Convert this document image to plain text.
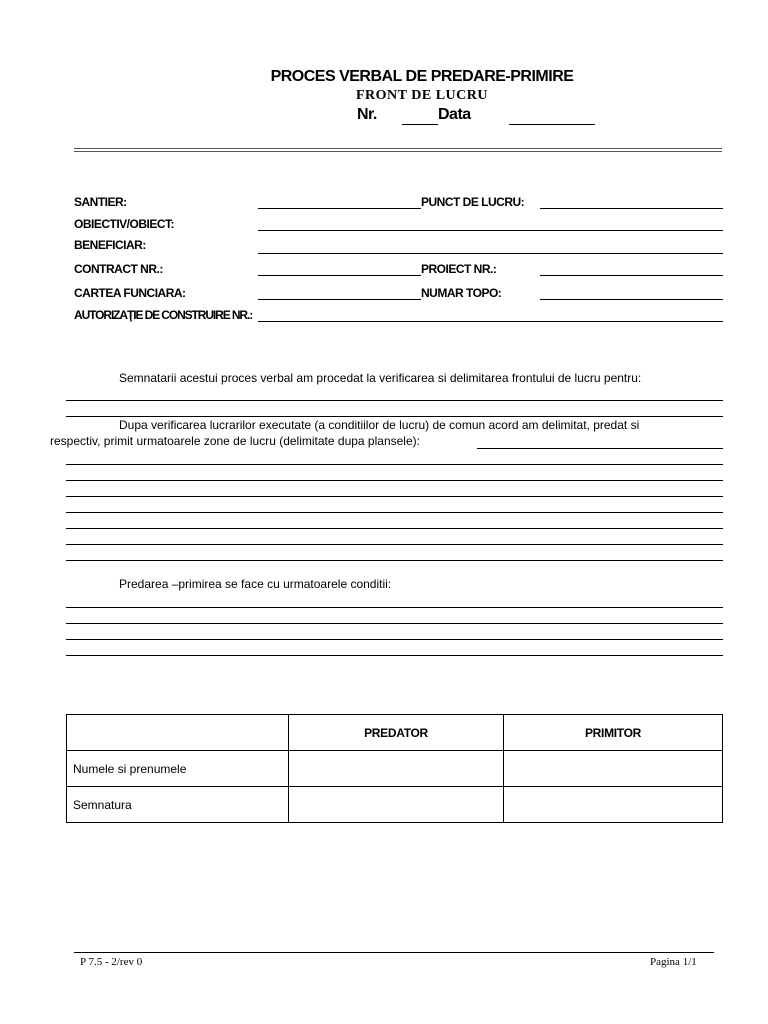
PROCES VERBAL DE PREDARE-PRIMIRE
FRONT DE LUCRU
Nr.	Data
SANTIER:	PUNCT DE LUCRU:
OBIECTIV/OBIECT:
BENEFICIAR:
CONTRACT NR.:	PROIECT NR.:
CARTEA FUNCIARA:	NUMAR TOPO:
AUTORIZAŢIE DE CONSTRUIRE NR.:
Semnatarii acestui proces verbal am procedat la verificarea si delimitarea frontului de lucru pentru:
Dupa verificarea lucrarilor executate (a conditiilor de lucru) de comun acord am delimitat, predat si
respectiv, primit urmatoarele zone de lucru (delimitate dupa plansele):
Predarea –primirea se face cu urmatoarele conditii:
	PREDATOR	PRIMITOR
Numele si prenumele		
Semnatura		
P 7.5 - 2/rev 0	Pagina 1/1
